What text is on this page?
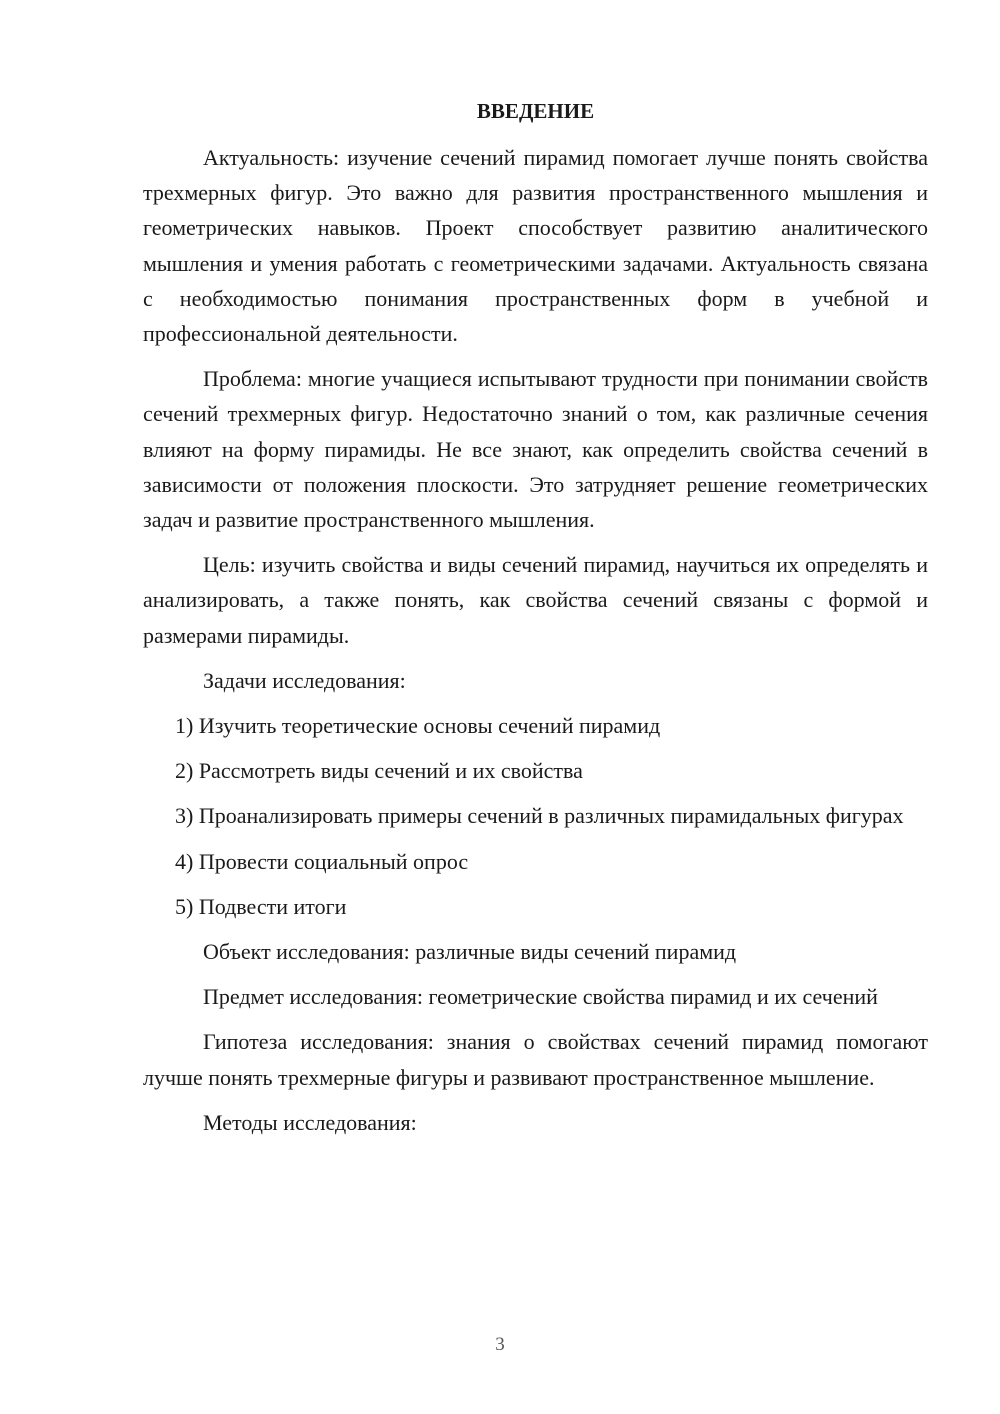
ВВЕДЕНИЕ

Актуальность: изучение сечений пирамид помогает лучше понять свойства трехмерных фигур. Это важно для развития пространственного мышления и геометрических навыков. Проект способствует развитию аналитического мышления и умения работать с геометрическими задачами. Актуальность связана с необходимостью понимания пространственных форм в учебной и профессиональной деятельности.

Проблема: многие учащиеся испытывают трудности при понимании свойств сечений трехмерных фигур. Недостаточно знаний о том, как различные сечения влияют на форму пирамиды. Не все знают, как определить свойства сечений в зависимости от положения плоскости. Это затрудняет решение геометрических задач и развитие пространственного мышления.

Цель: изучить свойства и виды сечений пирамид, научиться их определять и анализировать, а также понять, как свойства сечений связаны с формой и размерами пирамиды.

Задачи исследования:

1) Изучить теоретические основы сечений пирамид

2) Рассмотреть виды сечений и их свойства

3) Проанализировать примеры сечений в различных пирамидальных фигурах

4) Провести социальный опрос

5) Подвести итоги

Объект исследования: различные виды сечений пирамид

Предмет исследования: геометрические свойства пирамид и их сечений

Гипотеза исследования: знания о свойствах сечений пирамид помогают лучше понять трехмерные фигуры и развивают пространственное мышление.

Методы исследования:

3
